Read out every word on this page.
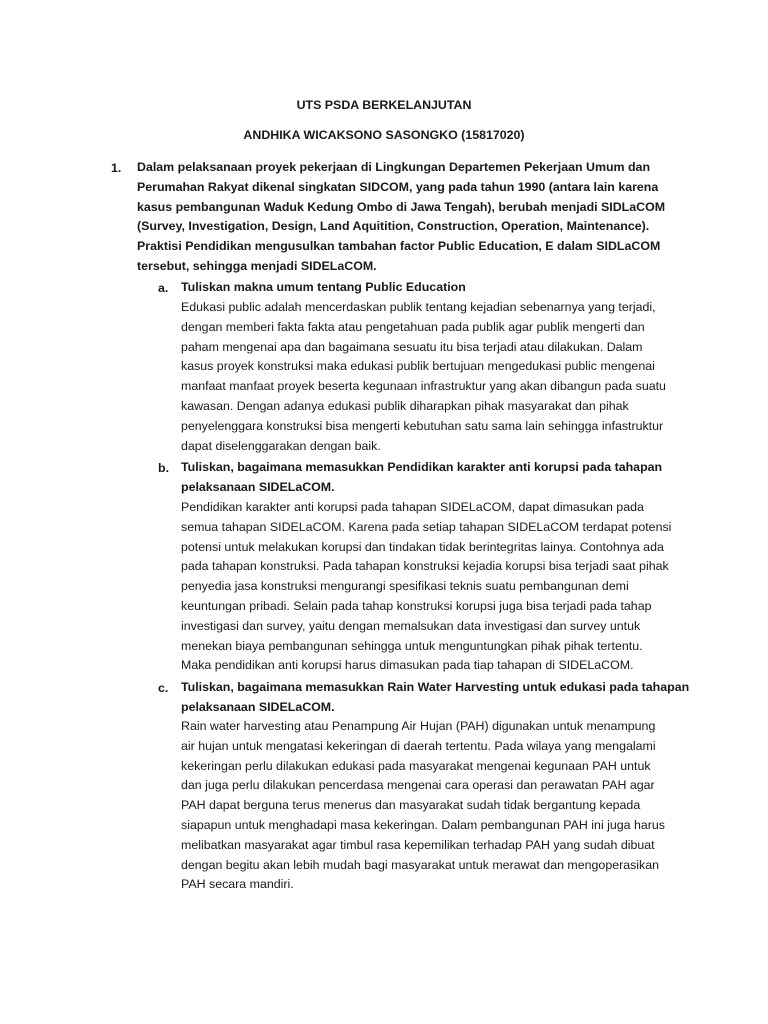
UTS PSDA BERKELANJUTAN
ANDHIKA WICAKSONO SASONGKO (15817020)
1. Dalam pelaksanaan proyek pekerjaan di Lingkungan Departemen Pekerjaan Umum dan
Perumahan Rakyat dikenal singkatan SIDCOM, yang pada tahun 1990 (antara lain karena
kasus pembangunan Waduk Kedung Ombo di Jawa Tengah), berubah menjadi SIDLaCOM
(Survey, Investigation, Design, Land Aquitition, Construction, Operation, Maintenance).
Praktisi Pendidikan mengusulkan tambahan factor Public Education, E dalam SIDLaCOM
tersebut, sehingga menjadi SIDELaCOM.
a. Tuliskan makna umum tentang Public Education
Edukasi public adalah mencerdaskan publik tentang kejadian sebenarnya yang terjadi,
dengan memberi fakta fakta atau pengetahuan pada publik agar publik mengerti dan
paham mengenai apa dan bagaimana sesuatu itu bisa terjadi atau dilakukan. Dalam
kasus proyek konstruksi maka edukasi publik bertujuan mengedukasi public mengenai
manfaat manfaat proyek beserta kegunaan infrastruktur yang akan dibangun pada suatu
kawasan. Dengan adanya edukasi publik diharapkan pihak masyarakat dan pihak
penyelenggara konstruksi bisa mengerti kebutuhan satu sama lain sehingga infastruktur
dapat diselenggarakan dengan baik.
b. Tuliskan, bagaimana memasukkan Pendidikan karakter anti korupsi pada tahapan
pelaksanaan SIDELaCOM.
Pendidikan karakter anti korupsi pada tahapan SIDELaCOM, dapat dimasukan pada
semua tahapan SIDELaCOM. Karena pada setiap tahapan SIDELaCOM terdapat potensi
potensi untuk melakukan korupsi dan tindakan tidak berintegritas lainya. Contohnya ada
pada tahapan konstruksi. Pada tahapan konstruksi kejadia korupsi bisa terjadi saat pihak
penyedia jasa konstruksi mengurangi spesifikasi teknis suatu pembangunan demi
keuntungan pribadi. Selain pada tahap konstruksi korupsi juga bisa terjadi pada tahap
investigasi dan survey, yaitu dengan memalsukan data investigasi dan survey untuk
menekan biaya pembangunan sehingga untuk menguntungkan pihak pihak tertentu.
Maka pendidikan anti korupsi harus dimasukan pada tiap tahapan di SIDELaCOM.
c. Tuliskan, bagaimana memasukkan Rain Water Harvesting untuk edukasi pada tahapan
pelaksanaan SIDELaCOM.
Rain water harvesting atau Penampung Air Hujan (PAH) digunakan untuk menampung
air hujan untuk mengatasi kekeringan di daerah tertentu. Pada wilaya yang mengalami
kekeringan perlu dilakukan edukasi pada masyarakat mengenai kegunaan PAH untuk
dan juga perlu dilakukan pencerdasa mengenai cara operasi dan perawatan PAH agar
PAH dapat berguna terus menerus dan masyarakat sudah tidak bergantung kepada
siapapun untuk menghadapi masa kekeringan. Dalam pembangunan PAH ini juga harus
melibatkan masyarakat agar timbul rasa kepemilikan terhadap PAH yang sudah dibuat
dengan begitu akan lebih mudah bagi masyarakat untuk merawat dan mengoperasikan
PAH secara mandiri.
